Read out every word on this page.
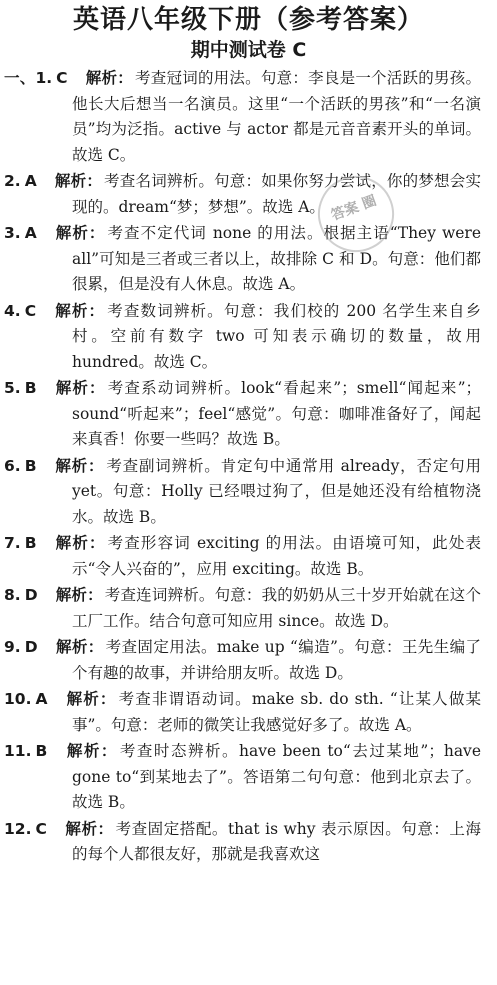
英语八年级下册（参考答案）
期中测试卷 C
一、1. C 解析： 考查冠词的用法。句意：李良是一个活跃的男孩。他长大后想当一名演员。这里“一个活跃的男孩”和“一名演员”均为泛指。active 与 actor 都是元音音素开头的单词。故选 C。
2. A 解析： 考查名词辨析。句意：如果你努力尝试，你的梦想会实现的。dream“梦；梦想”。故选 A。
3. A 解析： 考查不定代词 none 的用法。根据主语“They were all”可知是三者或三者以上，故排除 C 和 D。句意：他们都很累，但是没有人休息。故选 A。
4. C 解析： 考查数词辨析。句意：我们校的 200 名学生来自乡村。空前有数字 two 可知表示确切的数量，故用 hundred。故选 C。
5. B 解析： 考查系动词辨析。look“看起来”；smell“闻起来”；sound“听起来”；feel“感觉”。句意：咖啡准备好了，闻起来真香！你要一些吗？故选 B。
6. B 解析： 考查副词辨析。肯定句中通常用 already，否定句用 yet。句意：Holly 已经喂过狗了，但是她还没有给植物浇水。故选 B。
7. B 解析： 考查形容词 exciting 的用法。由语境可知，此处表示“令人兴奋的”，应用 exciting。故选 B。
8. D 解析： 考查连词辨析。句意：我的奶奶从三十岁开始就在这个工厂工作。结合句意可知应用 since。故选 D。
9. D 解析： 考查固定用法。make up “编造”。句意：王先生编了个有趣的故事，并讲给朋友听。故选 D。
10. A 解析： 考查非谓语动词。make sb. do sth. “让某人做某事”。句意：老师的微笑让我感觉好多了。故选 A。
11. B 解析： 考查时态辨析。have been to“去过某地”；have gone to“到某地去了”。答语第二句句意：他到北京去了。故选 B。
12. C 解析： 考查固定搭配。that is why 表示原因。句意：上海的每个人都很友好，那就是我喜欢这
答案 圈
